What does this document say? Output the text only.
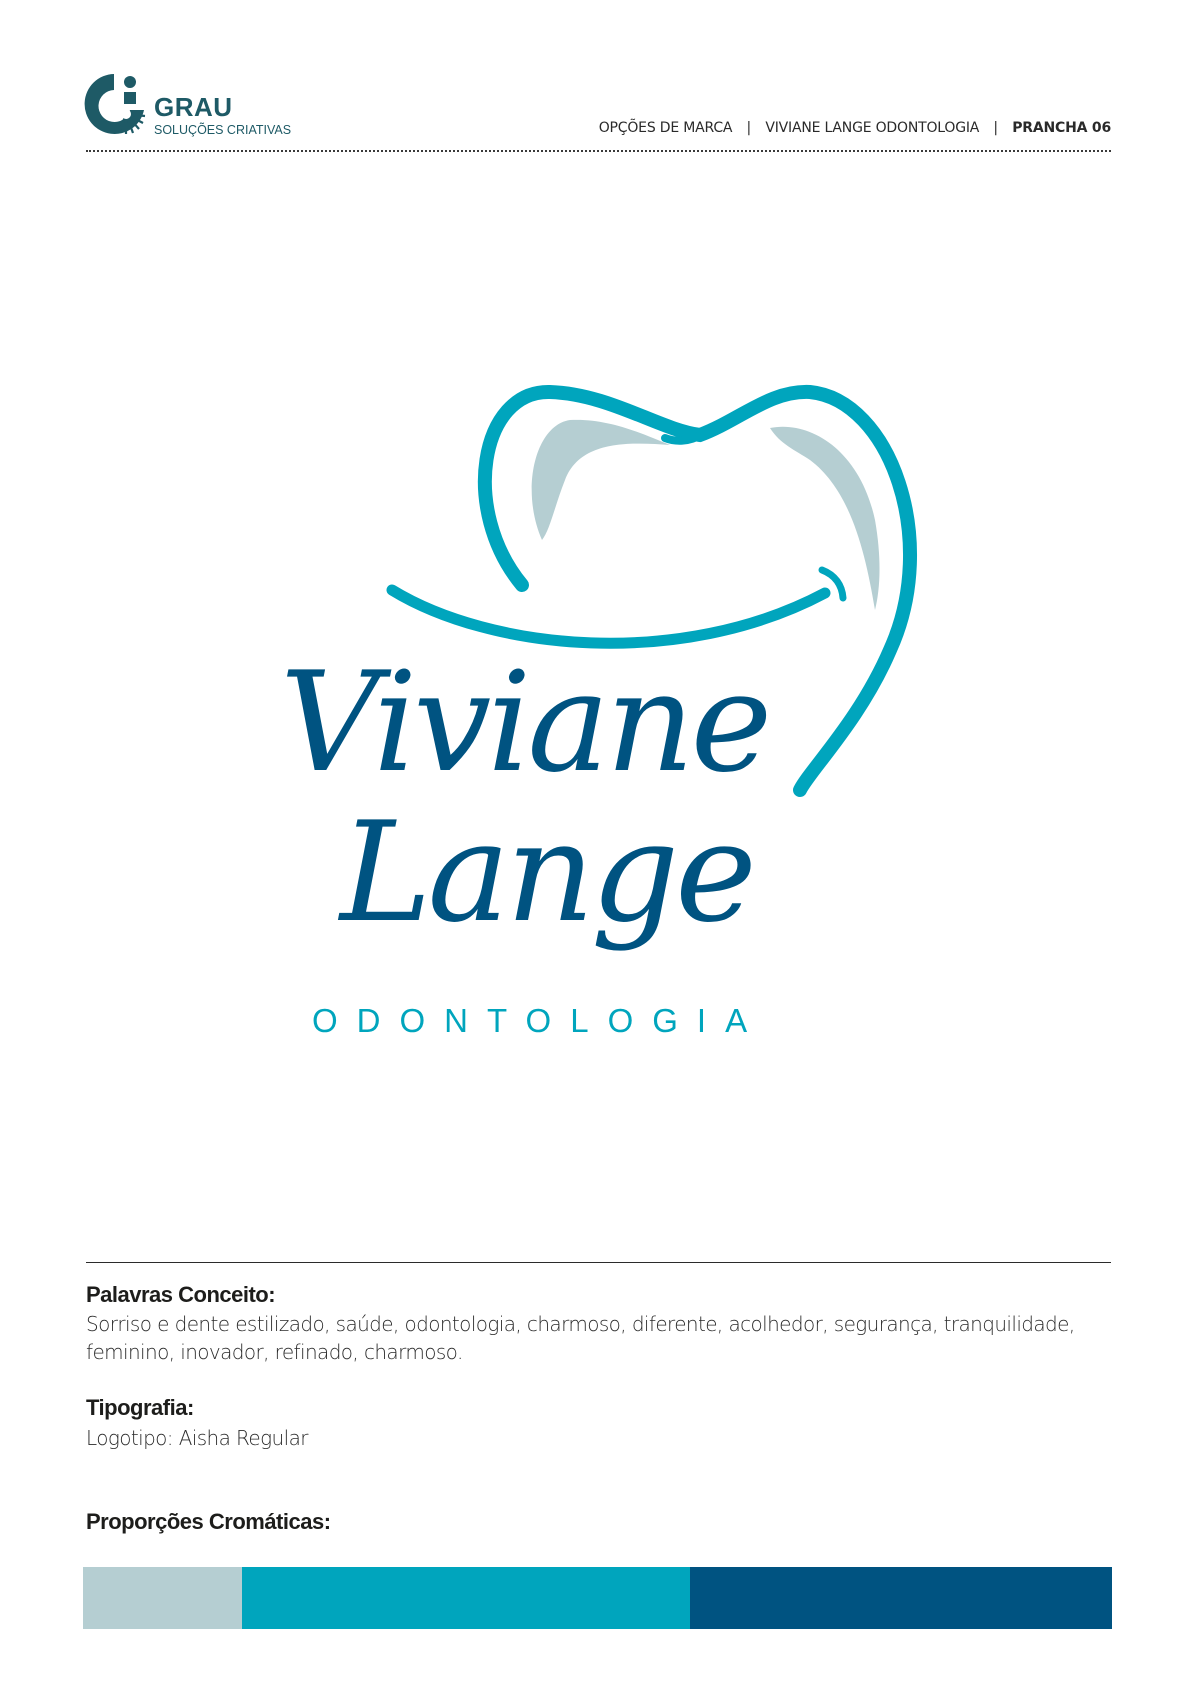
GRAU
SOLUÇÕES CRIATIVAS	OPÇÕES DE MARCA | VIVIANE LANGE ODONTOLOGIA | PRANCHA 06
Viviane
Lange
ODONTOLOGIA
Palavras Conceito:
Sorriso e dente estilizado, saúde, odontologia, charmoso, diferente, acolhedor, segurança, tranquilidade, feminino, inovador, refinado, charmoso.
Tipografia:
Logotipo: Aisha Regular
Proporções Cromáticas:
